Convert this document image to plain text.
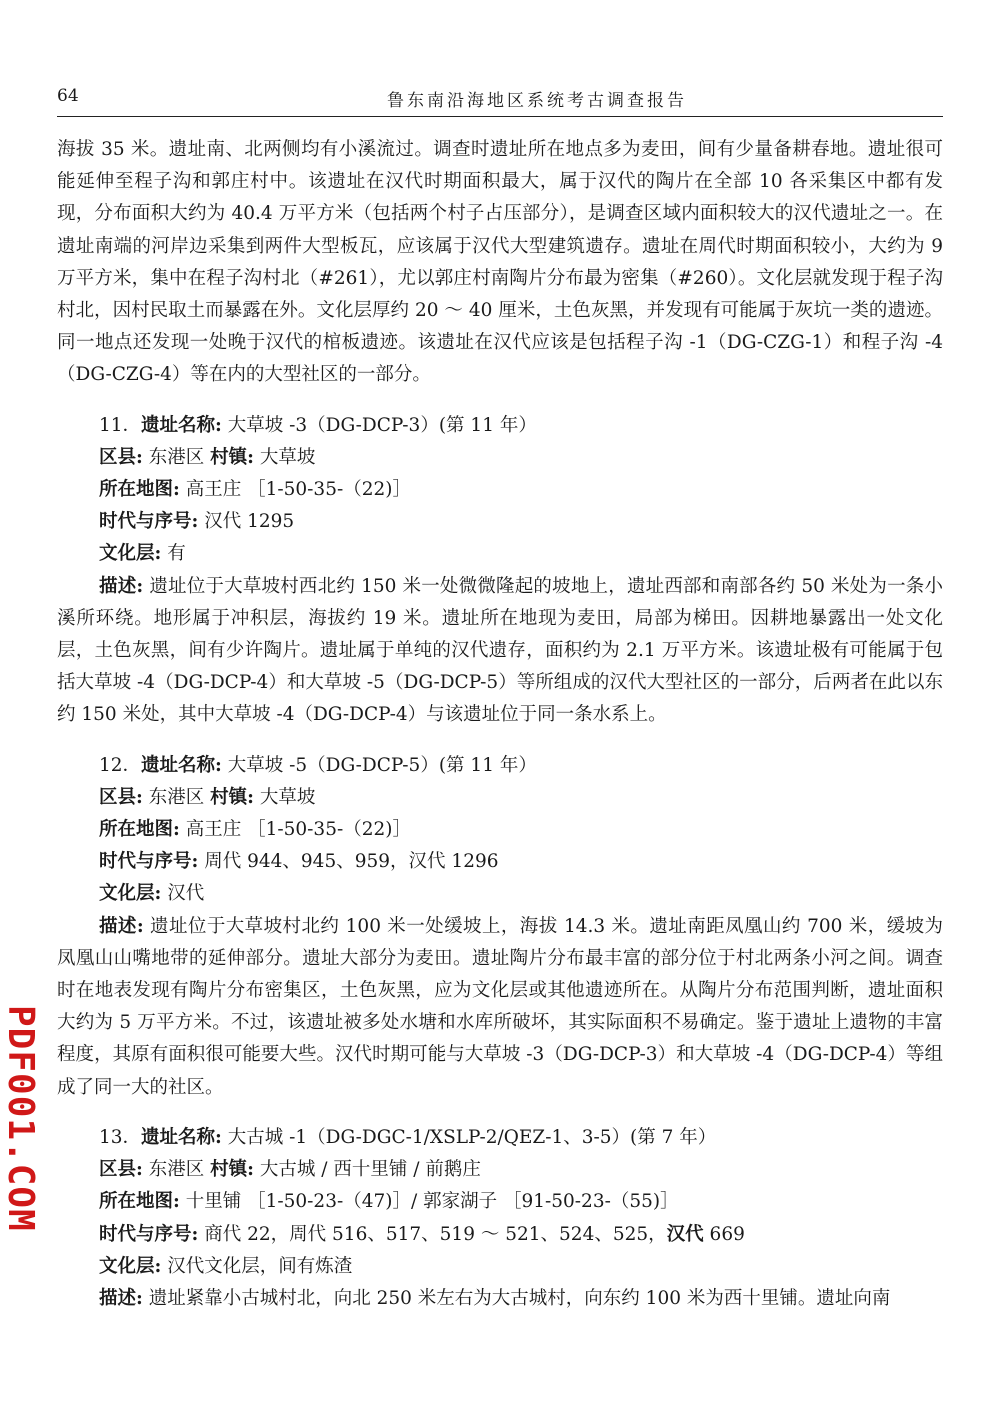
64	鲁东南沿海地区系统考古调查报告

海拔 35 米。遗址南、北两侧均有小溪流过。调查时遗址所在地点多为麦田，间有少量备耕春地。遗址很可能延伸至程子沟和郭庄村中。该遗址在汉代时期面积最大，属于汉代的陶片在全部 10 各采集区中都有发现，分布面积大约为 40.4 万平方米（包括两个村子占压部分），是调查区域内面积较大的汉代遗址之一。在遗址南端的河岸边采集到两件大型板瓦，应该属于汉代大型建筑遗存。遗址在周代时期面积较小，大约为 9 万平方米，集中在程子沟村北（#261），尤以郭庄村南陶片分布最为密集（#260）。文化层就发现于程子沟村北，因村民取土而暴露在外。文化层厚约 20 ～ 40 厘米，土色灰黑，并发现有可能属于灰坑一类的遗迹。同一地点还发现一处晚于汉代的棺板遗迹。该遗址在汉代应该是包括程子沟 -1（DG-CZG-1）和程子沟 -4（DG-CZG-4）等在内的大型社区的一部分。

11．遗址名称: 大草坡 -3（DG-DCP-3）(第 11 年）

区县: 东港区 村镇: 大草坡

所在地图: 高王庄 ［1-50-35-（22)］

时代与序号: 汉代 1295

文化层: 有

描述: 遗址位于大草坡村西北约 150 米一处微微隆起的坡地上，遗址西部和南部各约 50 米处为一条小溪所环绕。地形属于冲积层，海拔约 19 米。遗址所在地现为麦田，局部为梯田。因耕地暴露出一处文化层，土色灰黑，间有少许陶片。遗址属于单纯的汉代遗存，面积约为 2.1 万平方米。该遗址极有可能属于包括大草坡 -4（DG-DCP-4）和大草坡 -5（DG-DCP-5）等所组成的汉代大型社区的一部分，后两者在此以东约 150 米处，其中大草坡 -4（DG-DCP-4）与该遗址位于同一条水系上。

12．遗址名称: 大草坡 -5（DG-DCP-5）(第 11 年）

区县: 东港区 村镇: 大草坡

所在地图: 高王庄 ［1-50-35-（22)］

时代与序号: 周代 944、945、959，汉代 1296

文化层: 汉代

描述: 遗址位于大草坡村北约 100 米一处缓坡上，海拔 14.3 米。遗址南距凤凰山约 700 米，缓坡为凤凰山山嘴地带的延伸部分。遗址大部分为麦田。遗址陶片分布最丰富的部分位于村北两条小河之间。调查时在地表发现有陶片分布密集区，土色灰黑，应为文化层或其他遗迹所在。从陶片分布范围判断，遗址面积大约为 5 万平方米。不过，该遗址被多处水塘和水库所破坏，其实际面积不易确定。鉴于遗址上遗物的丰富程度，其原有面积很可能要大些。汉代时期可能与大草坡 -3（DG-DCP-3）和大草坡 -4（DG-DCP-4）等组成了同一大的社区。

13．遗址名称: 大古城 -1（DG-DGC-1/XSLP-2/QEZ-1、3-5）(第 7 年）

区县: 东港区 村镇: 大古城 / 西十里铺 / 前鹅庄

所在地图: 十里铺 ［1-50-23-（47)］/ 郭家湖子 ［91-50-23-（55)］

时代与序号: 商代 22，周代 516、517、519 ～ 521、524、525，汉代 669

文化层: 汉代文化层，间有炼渣

描述: 遗址紧靠小古城村北，向北 250 米左右为大古城村，向东约 100 米为西十里铺。遗址向南

PDF001.COM
